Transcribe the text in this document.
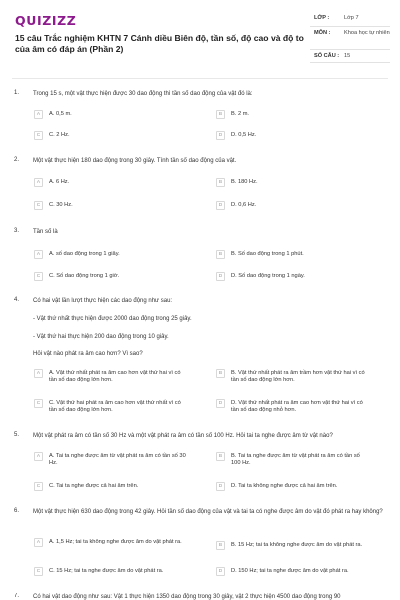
QUIZIZZ
15 câu Trắc nghiệm KHTN 7 Cánh diều Biên độ, tần số, độ cao và độ to của âm có đáp án (Phần 2)
LỚP :	Lớp 7
MÔN :	Khoa học tự nhiên
SỐ CÂU : 15
1. Trong 15 s, một vật thực hiện được 30 dao động thì tần số dao động của vật đó là:
A	A. 0,5 m.	B	B. 2 m.
C	C. 2 Hz.	D	D. 0,5 Hz.
2. Một vật thực hiện 180 dao động trong 30 giây. Tính tần số dao động của vật.
A	A. 6 Hz.	B	B. 180 Hz.
C	C. 30 Hz.	D	D. 0,6 Hz.
3. Tần số là
A	A. số dao động trong 1 giây.	B	B. Số dao động trong 1 phút.
C	C. Số dao động trong 1 giờ.	D	D. Số dao động trong 1 ngày.
4. Có hai vật lần lượt thực hiện các dao động như sau:
- Vật thứ nhất thực hiện được 2000 dao động trong 25 giây.
- Vật thứ hai thực hiện 200 dao động trong 10 giây.
Hỏi vật nào phát ra âm cao hơn? Vì sao?
A	A. Vật thứ nhất phát ra âm cao hơn vật thứ hai vì có tần số dao động lớn hơn.
B	B. Vật thứ nhất phát ra âm trầm hơn vật thứ hai vì có tần số dao động lớn hơn.
C	C. Vật thứ hai phát ra âm cao hơn vật thứ nhất vì có tần số dao động lớn hơn.
D	D. Vật thứ nhất phát ra âm cao hơn vật thứ hai vì có tần số dao động nhỏ hơn.
5. Một vật phát ra âm có tần số 30 Hz và một vật phát ra âm có tần số 100 Hz. Hỏi tai ta nghe được âm từ vật nào?
A	A. Tai ta nghe được âm từ vật phát ra âm có tần số 30 Hz.
B	B. Tai ta nghe được âm từ vật phát ra âm có tần số 100 Hz.
C	C. Tai ta nghe được cả hai âm trên.	D	D. Tai ta không nghe được cả hai âm trên.
6. Một vật thực hiện 630 dao động trong 42 giây. Hỏi tần số dao động của vật và tai ta có nghe được âm do vật đó phát ra hay không?
A	A. 1,5 Hz; tai ta không nghe được âm do vật phát ra.
B	B. 15 Hz; tai ta không nghe được âm do vật phát ra.
C	C. 15 Hz; tai ta nghe được âm do vật phát ra.	D	D. 150 Hz; tai ta nghe được âm do vật phát ra.
7. Có hai vật dao động như sau: Vật 1 thực hiện 1350 dao động trong 30 giây, vật 2 thực hiện 4500 dao động trong 90
